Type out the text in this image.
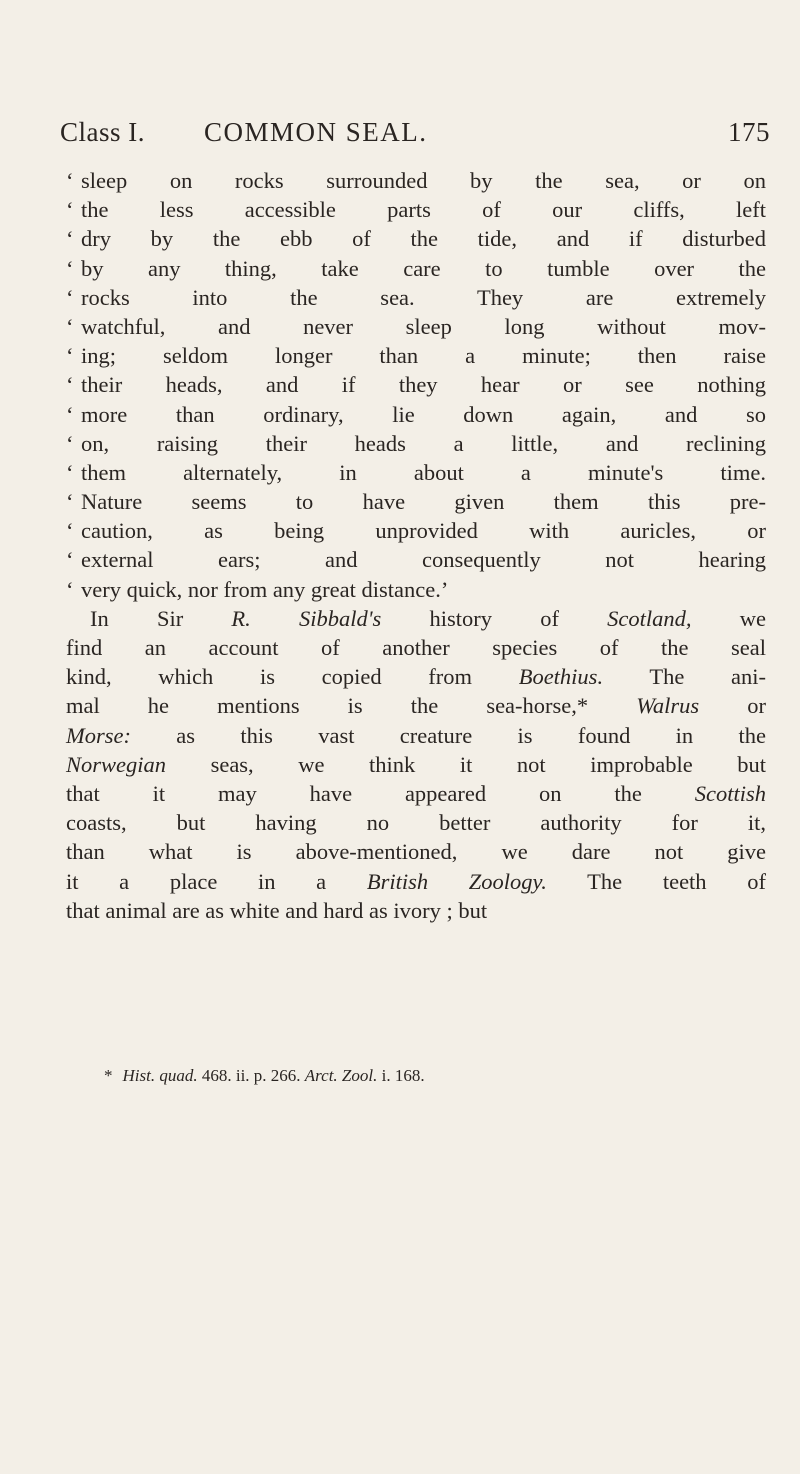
Class I. COMMON SEAL.	175
‘ sleep on rocks surrounded by the sea, or on
‘ the less accessible parts of our cliffs, left
‘ dry by the ebb of the tide, and if disturbed
‘ by any thing, take care to tumble over the
‘ rocks into the sea. They are extremely
‘ watchful, and never sleep long without mov-
‘ ing; seldom longer than a minute; then raise
‘ their heads, and if they hear or see nothing
‘ more than ordinary, lie down again, and so
‘ on, raising their heads a little, and reclining
‘ them alternately, in about a minute's time.
‘ Nature seems to have given them this pre-
‘ caution, as being unprovided with auricles, or
‘ external ears; and consequently not hearing
‘ very quick, nor from any great distance.’
In Sir R. Sibbald's history of Scotland, we
find an account of another species of the seal
kind, which is copied from Boethius. The ani-
mal he mentions is the sea-horse,* Walrus or
Morse: as this vast creature is found in the
Norwegian seas, we think it not improbable but
that it may have appeared on the Scottish
coasts, but having no better authority for it,
than what is above-mentioned, we dare not give
it a place in a British Zoology. The teeth of
that animal are as white and hard as ivory ; but
* Hist. quad. 468. ii. p. 266. Arct. Zool. i. 168.
